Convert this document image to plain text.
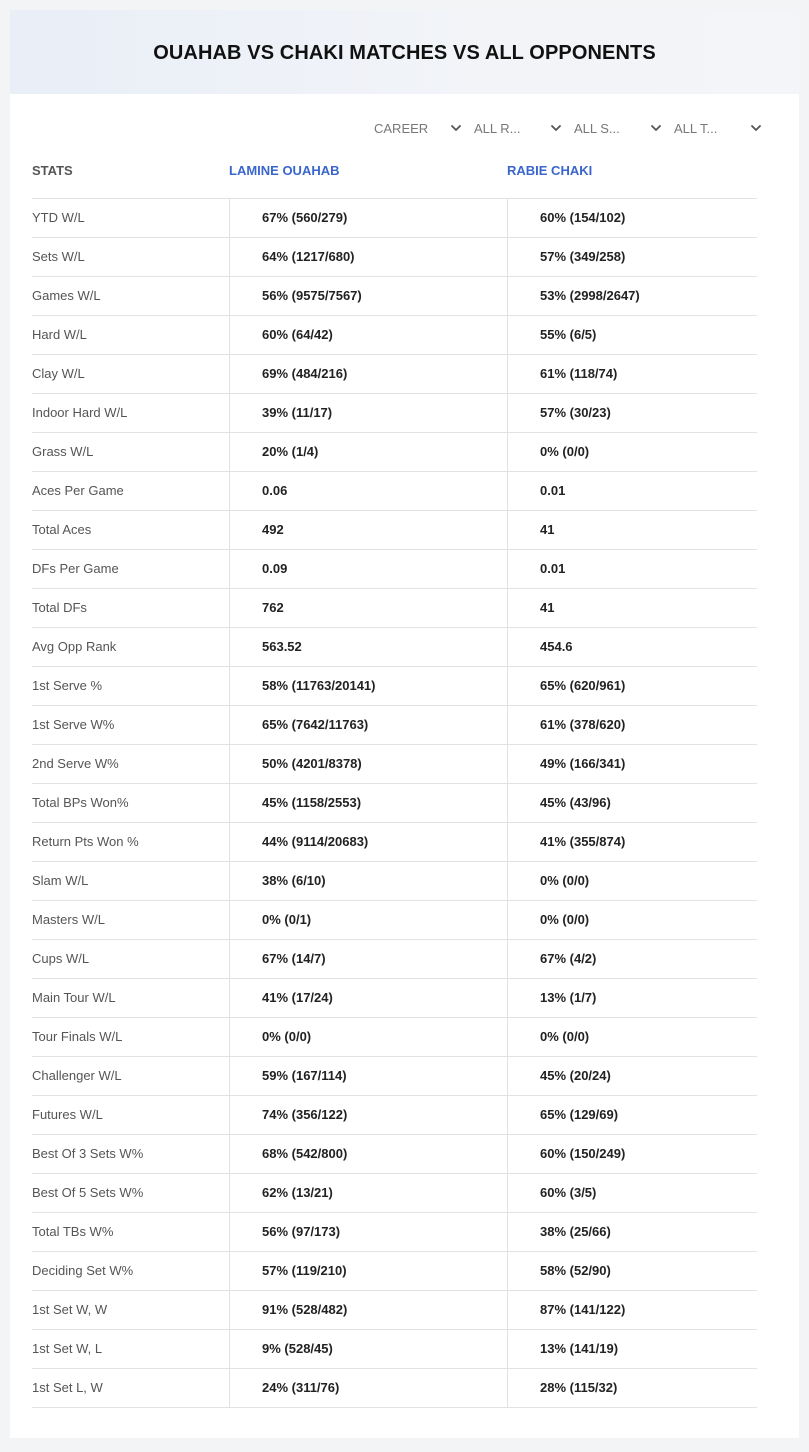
OUAHAB VS CHAKI MATCHES VS ALL OPPONENTS
CAREER	ALL R...	ALL S...	ALL T...
STATS	LAMINE OUAHAB	RABIE CHAKI
YTD W/L	67% (560/279)	60% (154/102)
Sets W/L	64% (1217/680)	57% (349/258)
Games W/L	56% (9575/7567)	53% (2998/2647)
Hard W/L	60% (64/42)	55% (6/5)
Clay W/L	69% (484/216)	61% (118/74)
Indoor Hard W/L	39% (11/17)	57% (30/23)
Grass W/L	20% (1/4)	0% (0/0)
Aces Per Game	0.06	0.01
Total Aces	492	41
DFs Per Game	0.09	0.01
Total DFs	762	41
Avg Opp Rank	563.52	454.6
1st Serve %	58% (11763/20141)	65% (620/961)
1st Serve W%	65% (7642/11763)	61% (378/620)
2nd Serve W%	50% (4201/8378)	49% (166/341)
Total BPs Won%	45% (1158/2553)	45% (43/96)
Return Pts Won %	44% (9114/20683)	41% (355/874)
Slam W/L	38% (6/10)	0% (0/0)
Masters W/L	0% (0/1)	0% (0/0)
Cups W/L	67% (14/7)	67% (4/2)
Main Tour W/L	41% (17/24)	13% (1/7)
Tour Finals W/L	0% (0/0)	0% (0/0)
Challenger W/L	59% (167/114)	45% (20/24)
Futures W/L	74% (356/122)	65% (129/69)
Best Of 3 Sets W%	68% (542/800)	60% (150/249)
Best Of 5 Sets W%	62% (13/21)	60% (3/5)
Total TBs W%	56% (97/173)	38% (25/66)
Deciding Set W%	57% (119/210)	58% (52/90)
1st Set W, W	91% (528/482)	87% (141/122)
1st Set W, L	9% (528/45)	13% (141/19)
1st Set L, W	24% (311/76)	28% (115/32)
